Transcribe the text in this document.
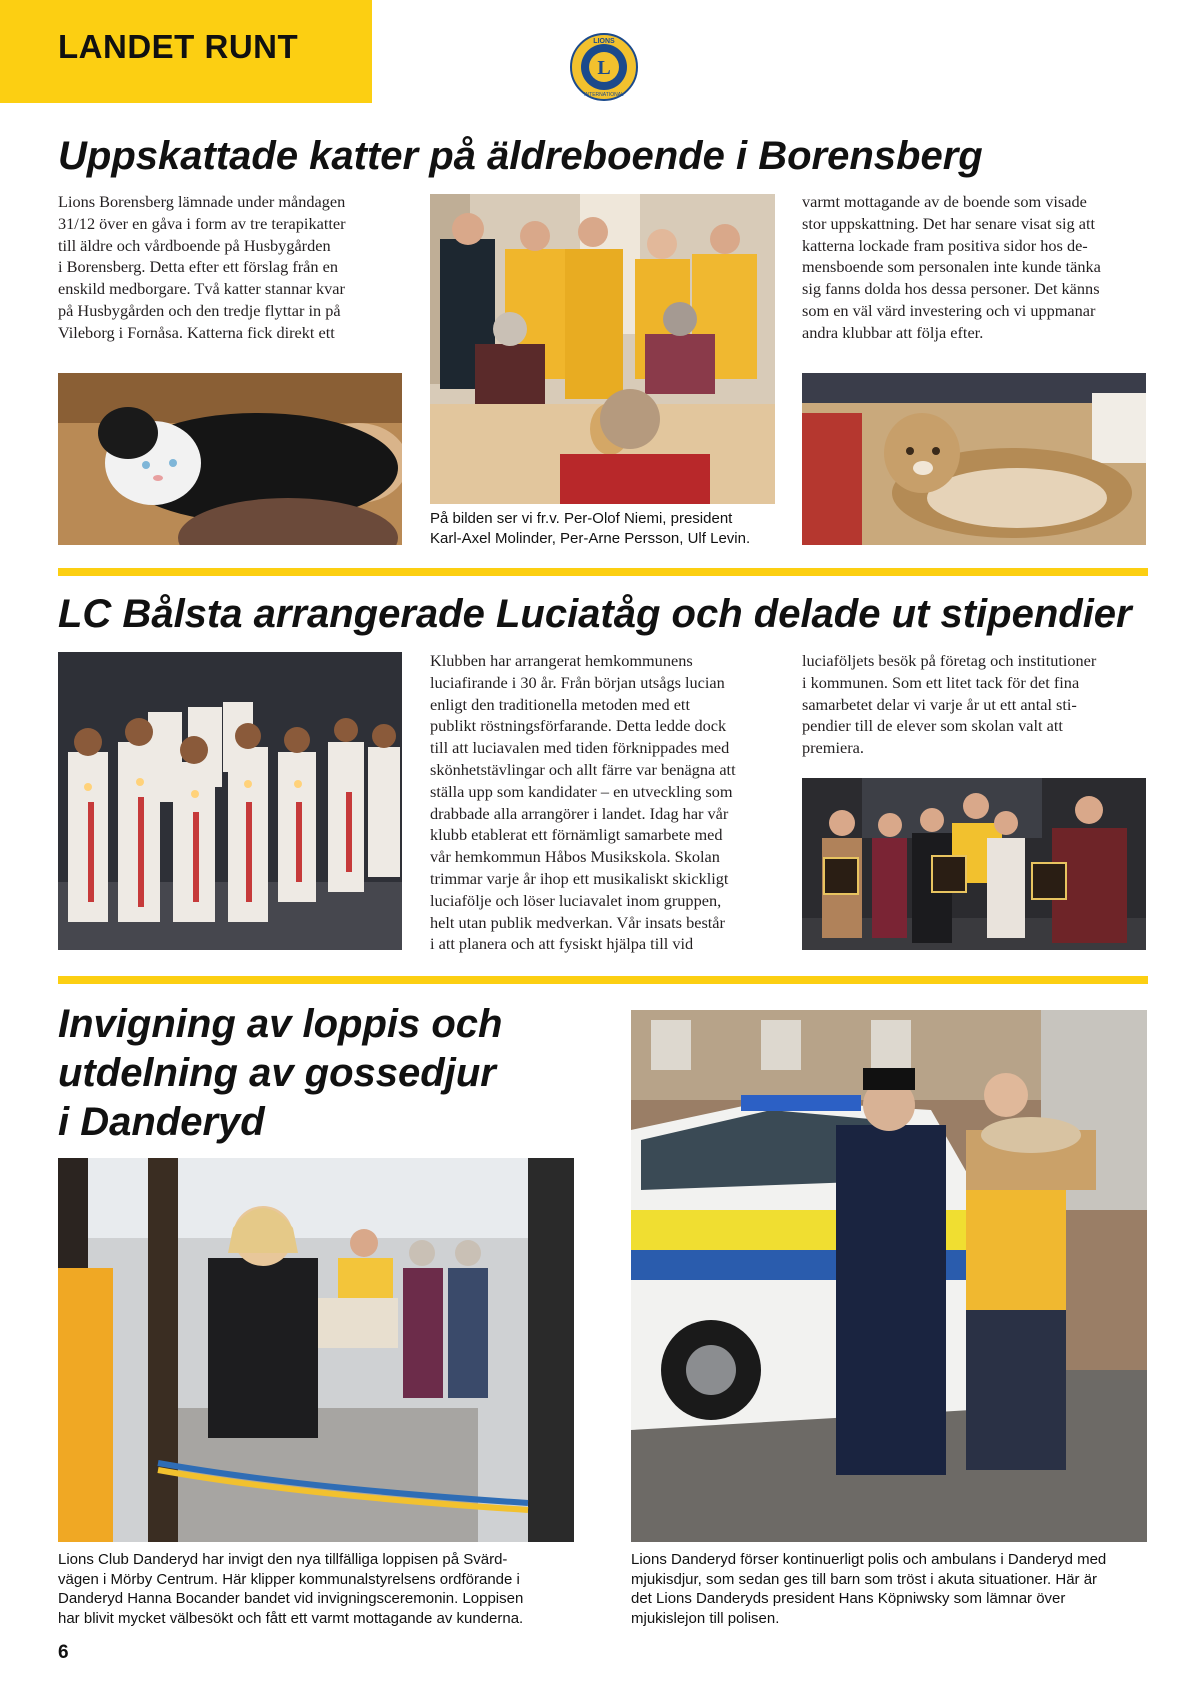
LANDET RUNT
L
LIONS
INTERNATIONAL
Uppskattade katter på äldreboende i Borensberg
Lions Borensberg lämnade under måndagen
31/12 över en gåva i form av tre terapikatter
till äldre och vårdboende på Husbygården
i Borensberg. Detta efter ett förslag från en
enskild medborgare. Två katter stannar kvar
på Husbygården och den tredje flyttar in på
Vileborg i Fornåsa. Katterna fick direkt ett
varmt mottagande av de boende som visade
stor uppskattning. Det har senare visat sig att
katterna lockade fram positiva sidor hos de-
mensboende som personalen inte kunde tänka
sig fanns dolda hos dessa personer. Det känns
som en väl värd investering och vi uppmanar
andra klubbar att följa efter.
På bilden ser vi fr.v. Per-Olof Niemi, president
Karl-Axel Molinder, Per-Arne Persson, Ulf Levin.
LC Bålsta arrangerade Luciatåg och delade ut stipendier
Klubben har arrangerat hemkommunens
luciafirande i 30 år. Från början utsågs lucian
enligt den traditionella metoden med ett
publikt röstningsförfarande. Detta ledde dock
till att luciavalen med tiden förknippades med
skönhetstävlingar och allt färre var benägna att
ställa upp som kandidater – en utveckling som
drabbade alla arrangörer i landet. Idag har vår
klubb etablerat ett förnämligt samarbete med
vår hemkommun Håbos Musikskola. Skolan
trimmar varje år ihop ett musikaliskt skickligt
luciafölje och löser luciavalet inom gruppen,
helt utan publik medverkan. Vår insats består
i att planera och att fysiskt hjälpa till vid
luciaföljets besök på företag och institutioner
i kommunen. Som ett litet tack för det fina
samarbetet delar vi varje år ut ett antal sti-
pendier till de elever som skolan valt att
premiera.
Invigning av loppis och
utdelning av gossedjur
i Danderyd
Lions Club Danderyd har invigt den nya tillfälliga loppisen på Svärd-
vägen i Mörby Centrum. Här klipper kommunalstyrelsens ordförande i
Danderyd Hanna Bocander bandet vid invigningsceremonin. Loppisen
har blivit mycket välbesökt och fått ett varmt mottagande av kunderna.
Lions Danderyd förser kontinuerligt polis och ambulans i Danderyd med
mjukisdjur, som sedan ges till barn som tröst i akuta situationer. Här är
det Lions Danderyds president Hans Köpniwsky som lämnar över
mjukislejon till polisen.
6
